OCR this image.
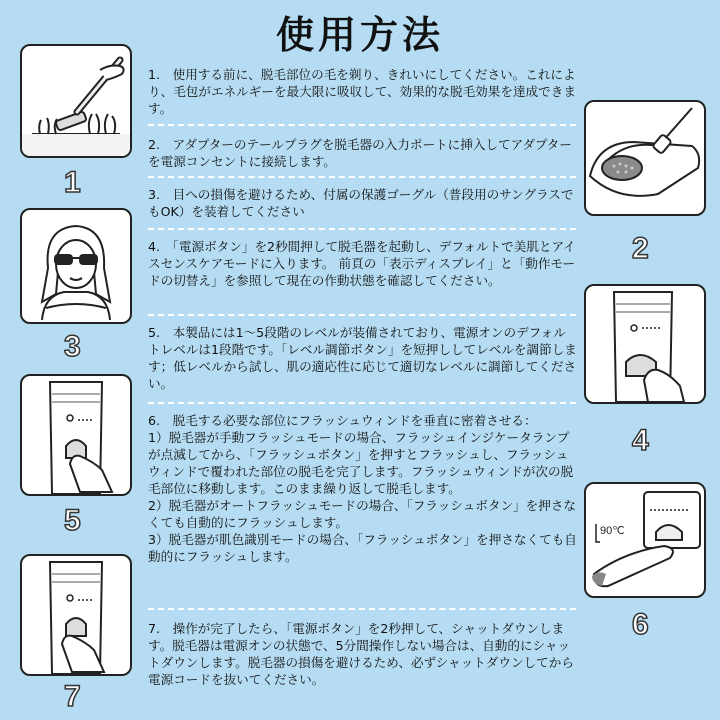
使用方法
1
3
5
7
2
4
90℃
6

1.　使用する前に、脱毛部位の毛を剃り、きれいにしてください。これにより、毛包がエネルギーを最大限に吸収して、効果的な脱毛効果を達成できます。

2.　アダプターのテールプラグを脱毛器の入力ポートに挿入してアダプターを電源コンセントに接続します。

3.　目への損傷を避けるため、付属の保護ゴーグル（普段用のサングラスでもOK）を装着してください

4.　「電源ボタン」を2秒間押して脱毛器を起動し、デフォルトで美肌とアイスセンスケアモードに入ります。 前頁の「表示ディスプレイ」と「動作モードの切替え」を参照して現在の作動状態を確認してください。

5.　本製品には1～5段階のレベルが装備されており、電源オンのデフォルトレベルは1段階です。「レベル調節ボタン」を短押ししてレベルを調節します；低レベルから試し、肌の適応性に応じて適切なレベルに調節してください。

6.　脱毛する必要な部位にフラッシュウィンドを垂直に密着させる：
1）脱毛器が手動フラッシュモードの場合、フラッシュインジケータランプが点滅してから、「フラッシュボタン」を押すとフラッシュし、フラッシュウィンドで覆われた部位の脱毛を完了します。フラッシュウィンドが次の脱毛部位に移動します。このまま繰り返して脱毛します。
2）脱毛器がオートフラッシュモードの場合、「フラッシュボタン」を押さなくても自動的にフラッシュします。
3）脱毛器が肌色識別モードの場合、「フラッシュボタン」を押さなくても自動的にフラッシュします。

7.　操作が完了したら、「電源ボタン」を2秒押して、シャットダウンします。脱毛器は電源オンの状態で、5分間操作しない場合は、自動的にシャットダウンします。脱毛器の損傷を避けるため、必ずシャットダウンしてから電源コードを抜いてください。
